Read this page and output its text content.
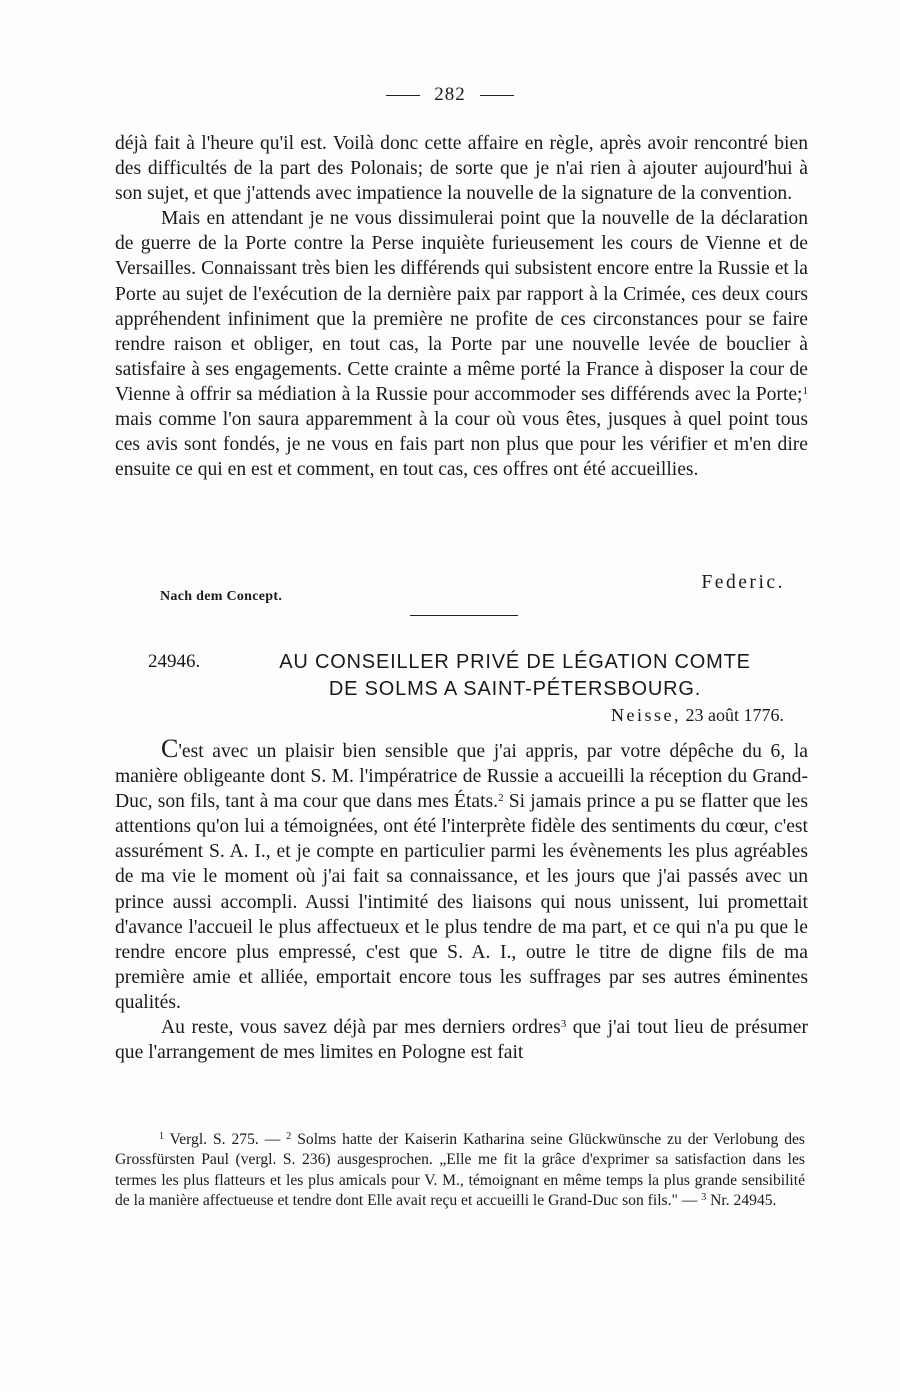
282

déjà fait à l'heure qu'il est. Voilà donc cette affaire en règle, après avoir rencontré bien des difficultés de la part des Polonais; de sorte que je n'ai rien à ajouter aujourd'hui à son sujet, et que j'attends avec impatience la nouvelle de la signature de la convention.

Mais en attendant je ne vous dissimulerai point que la nouvelle de la déclaration de guerre de la Porte contre la Perse inquiète furieusement les cours de Vienne et de Versailles. Connaissant très bien les différends qui subsistent encore entre la Russie et la Porte au sujet de l'exécution de la dernière paix par rapport à la Crimée, ces deux cours appréhendent infiniment que la première ne profite de ces circonstances pour se faire rendre raison et obliger, en tout cas, la Porte par une nouvelle levée de bouclier à satisfaire à ses engagements. Cette crainte a même porté la France à disposer la cour de Vienne à offrir sa médiation à la Russie pour accommoder ses différends avec la Porte;$^1$ mais comme l'on saura apparemment à la cour où vous êtes, jusques à quel point tous ces avis sont fondés, je ne vous en fais part non plus que pour les vérifier et m'en dire ensuite ce qui en est et comment, en tout cas, ces offres ont été accueillies.

Federic.
Nach dem Concept.
24946.	AU CONSEILLER PRIVÉ DE LÉGATION COMTE
DE SOLMS A SAINT-PÉTERSBOURG.
Neisse, 23 août 1776.

C'est avec un plaisir bien sensible que j'ai appris, par votre dépêche du 6, la manière obligeante dont S. M. l'impératrice de Russie a accueilli la réception du Grand-Duc, son fils, tant à ma cour que dans mes États.$^2$ Si jamais prince a pu se flatter que les attentions qu'on lui a témoignées, ont été l'interprète fidèle des sentiments du cœur, c'est assurément S. A. I., et je compte en particulier parmi les évènements les plus agréables de ma vie le moment où j'ai fait sa connaissance, et les jours que j'ai passés avec un prince aussi accompli. Aussi l'intimité des liaisons qui nous unissent, lui promettait d'avance l'accueil le plus affectueux et le plus tendre de ma part, et ce qui n'a pu que le rendre encore plus empressé, c'est que S. A. I., outre le titre de digne fils de ma première amie et alliée, emportait encore tous les suffrages par ses autres éminentes qualités.

Au reste, vous savez déjà par mes derniers ordres$^3$ que j'ai tout lieu de présumer que l'arrangement de mes limites en Pologne est fait

$^1$ Vergl. S. 275. — $^2$ Solms hatte der Kaiserin Katharina seine Glückwünsche zu der Verlobung des Grossfürsten Paul (vergl. S. 236) ausgesprochen. „Elle me fit la grâce d'exprimer sa satisfaction dans les termes les plus flatteurs et les plus amicals pour V. M., témoignant en même temps la plus grande sensibilité de la manière affectueuse et tendre dont Elle avait reçu et accueilli le Grand-Duc son fils." — $^3$ Nr. 24945.
